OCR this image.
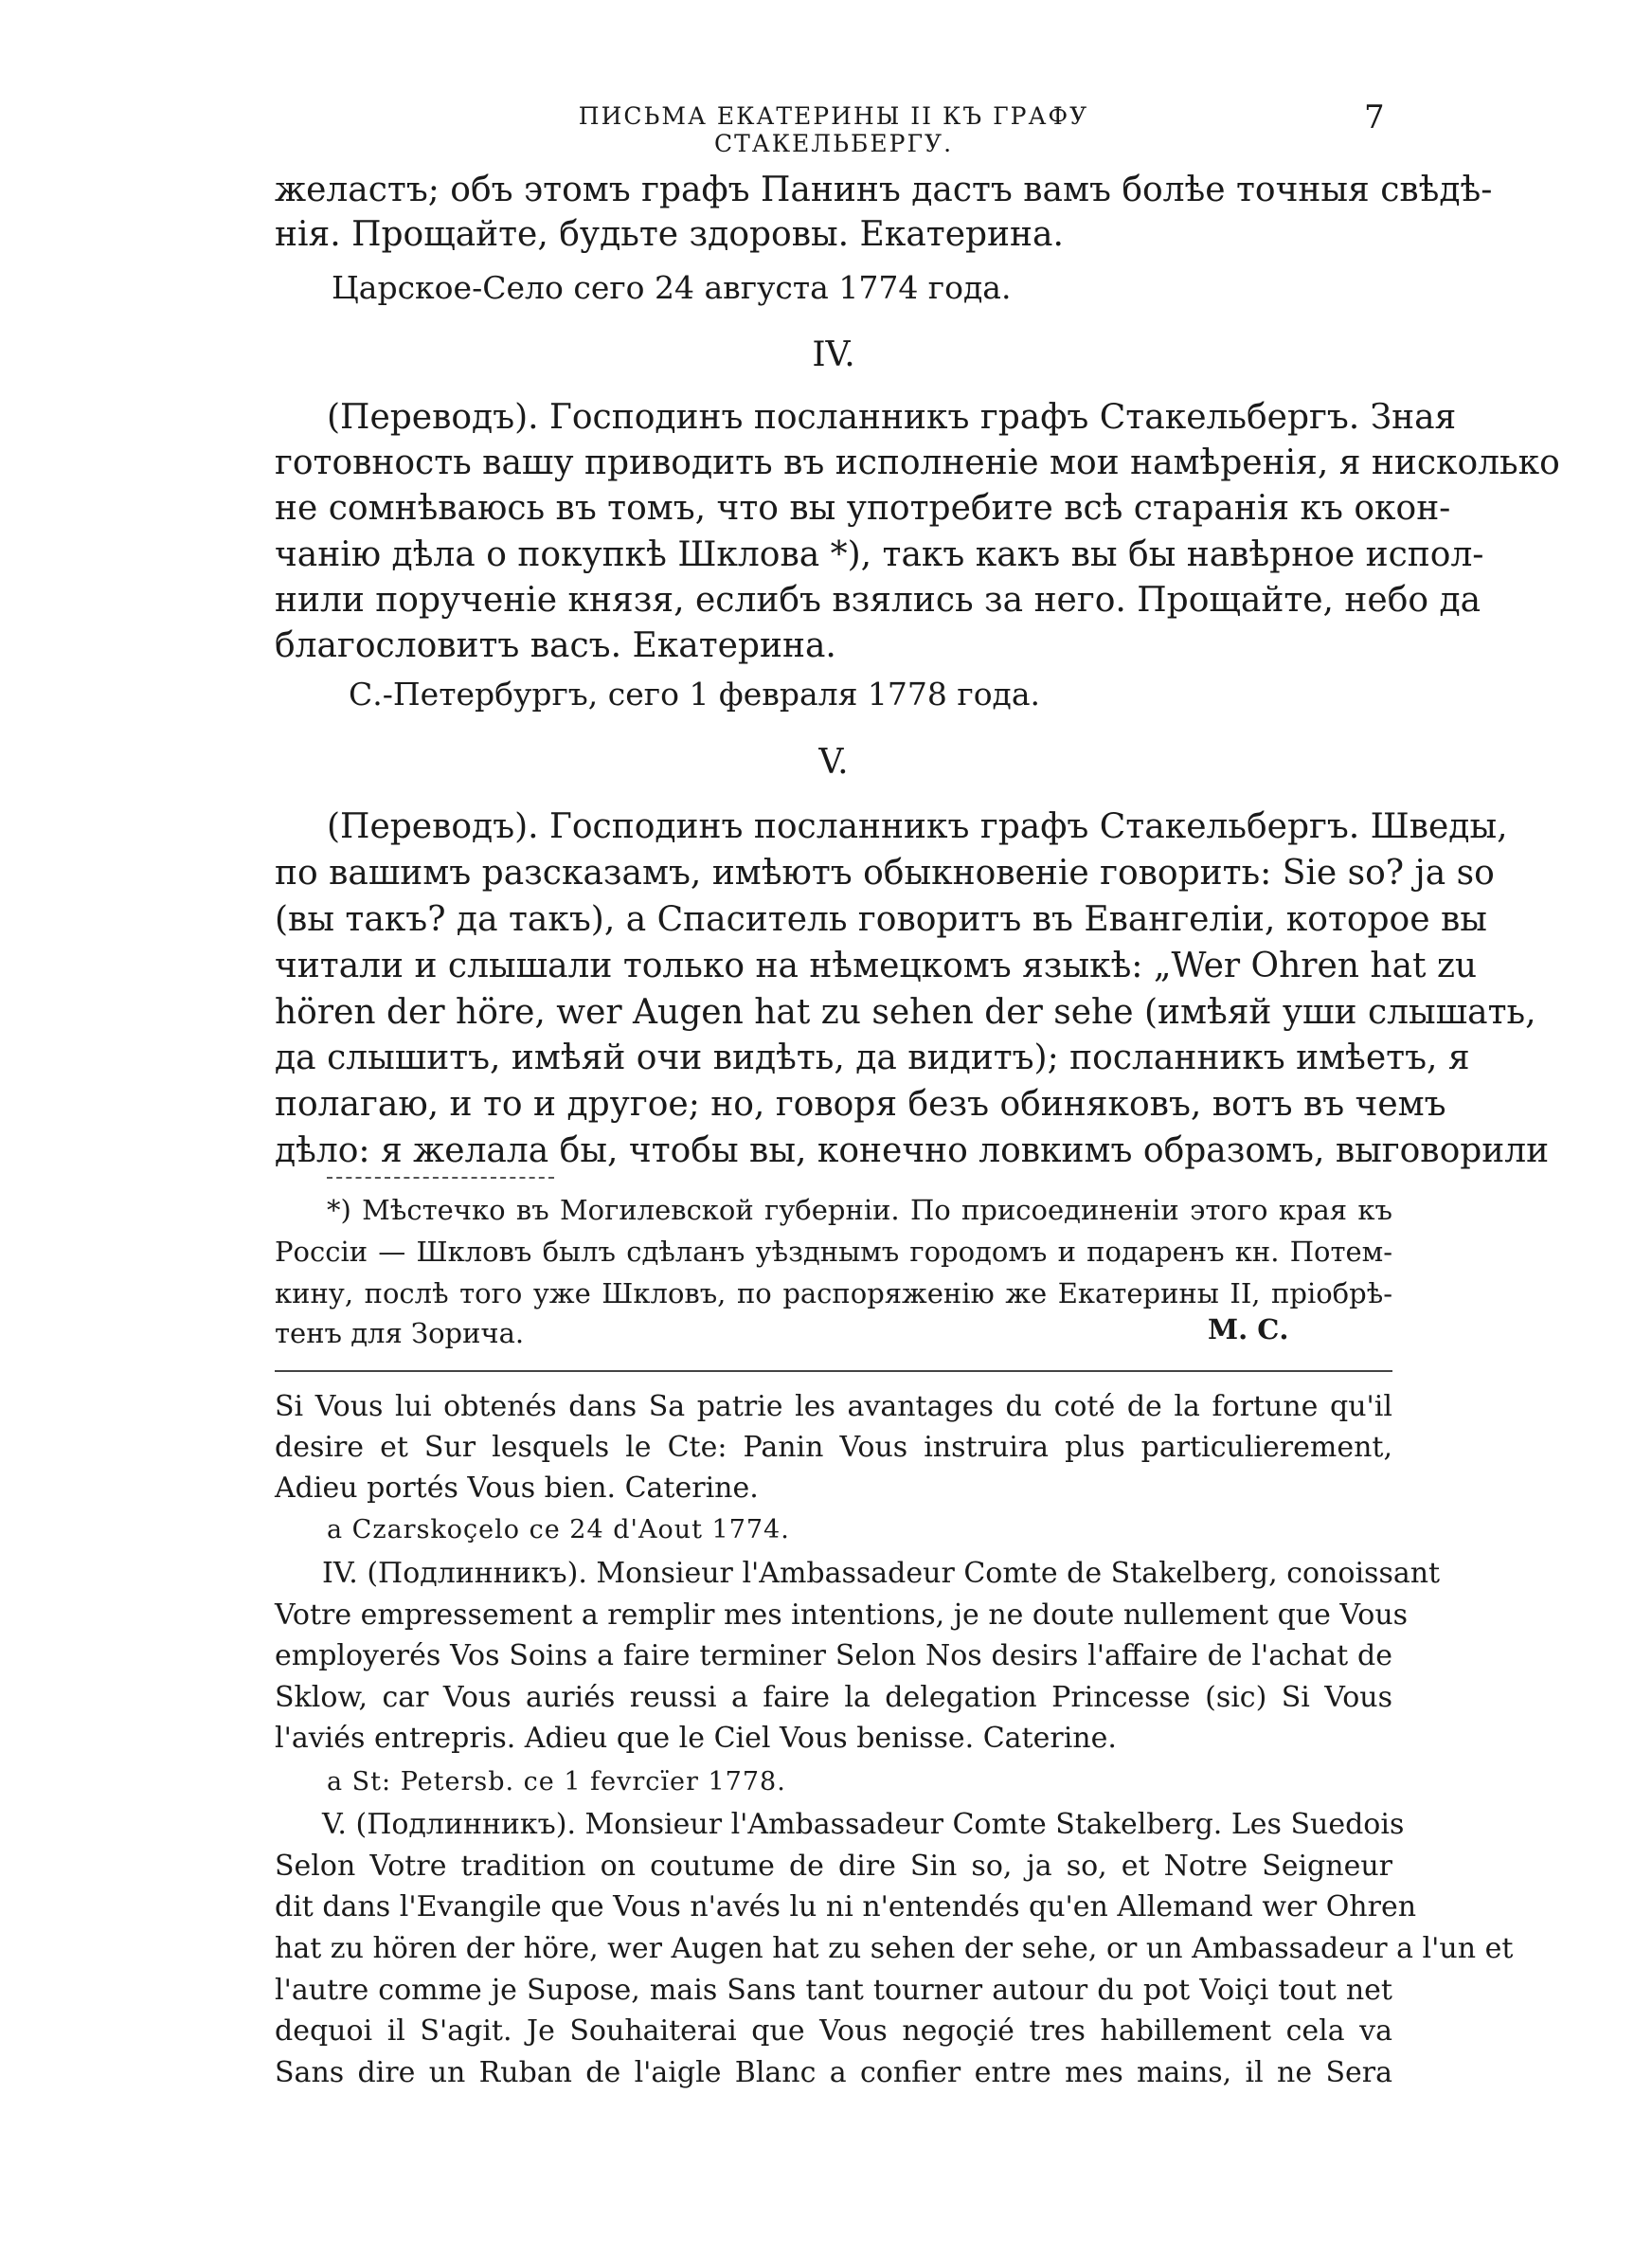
ПИСЬМА ЕКАТЕРИНЫ II КЪ ГРАФУ СТАКЕЛЬБЕРГУ.
7
желастъ; объ этомъ графъ Панинъ дастъ вамъ болѣе точныя свѣдѣ-
нія. Прощайте, будьте здоровы. Екатерина.
Царское-Село сего 24 августа 1774 года.
IV.
(Переводъ). Господинъ посланникъ графъ Стакельбергъ. Зная
готовность вашу приводить въ исполненіе мои намѣренія, я нисколько
не сомнѣваюсь въ томъ, что вы употребите всѣ старанія къ окон-
чанію дѣла о покупкѣ Шклова *), такъ какъ вы бы навѣрное испол-
нили порученіе князя, еслибъ взялись за него. Прощайте, небо да
благословитъ васъ. Екатерина.
С.-Петербургъ, сего 1 февраля 1778 года.
V.
(Переводъ). Господинъ посланникъ графъ Стакельбергъ. Шведы,
по вашимъ разсказамъ, имѣютъ обыкновеніе говорить: Sie so? ja so
(вы такъ? да такъ), а Спаситель говоритъ въ Евангеліи, которое вы
читали и слышали только на нѣмецкомъ языкѣ: „Wer Ohren hat zu
hören der höre, wer Augen hat zu sehen der sehe (имѣяй уши слышать,
да слышитъ, имѣяй очи видѣть, да видитъ); посланникъ имѣетъ, я
полагаю, и то и другое; но, говоря безъ обиняковъ, вотъ въ чемъ
дѣло: я желала бы, чтобы вы, конечно ловкимъ образомъ, выговорили
*) Мѣстечко въ Могилевской губерніи. По присоединеніи этого края къ
Россіи — Шкловъ былъ сдѣланъ уѣзднымъ городомъ и подаренъ кн. Потем-
кину, послѣ того уже Шкловъ, по распоряженію же Екатерины II, пріобрѣ-
тенъ для Зорича.	М. С.
Si Vous lui obtenés dans Sa patrie les avantages du coté de la fortune qu'il
desire et Sur lesquels le Cte: Panin Vous instruira plus particulierement,
Adieu portés Vous bien. Caterine.
a Czarskoçelo ce 24 d'Aout 1774.
IV. (Подлинникъ). Monsieur l'Ambassadeur Comte de Stakelberg, conoissant
Votre empressement a remplir mes intentions, je ne doute nullement que Vous
employerés Vos Soins a faire terminer Selon Nos desirs l'affaire de l'achat de
Sklow, car Vous auriés reussi a faire la delegation Princesse (sic) Si Vous
l'aviés entrepris. Adieu que le Ciel Vous benisse. Caterine.
a St: Petersb. ce 1 fevrcïer 1778.
V. (Подлинникъ). Monsieur l'Ambassadeur Comte Stakelberg. Les Suedois
Selon Votre tradition on coutume de dire Sin so, ja so, et Notre Seigneur
dit dans l'Evangile que Vous n'avés lu ni n'entendés qu'en Allemand wer Ohren
hat zu hören der höre, wer Augen hat zu sehen der sehe, or un Ambassadeur a l'un et
l'autre comme je Supose, mais Sans tant tourner autour du pot Voiçi tout net
dequoi il S'agit. Je Souhaiterai que Vous negoçié tres habillement cela va
Sans dire un Ruban de l'aigle Blanc a confier entre mes mains, il ne Sera
